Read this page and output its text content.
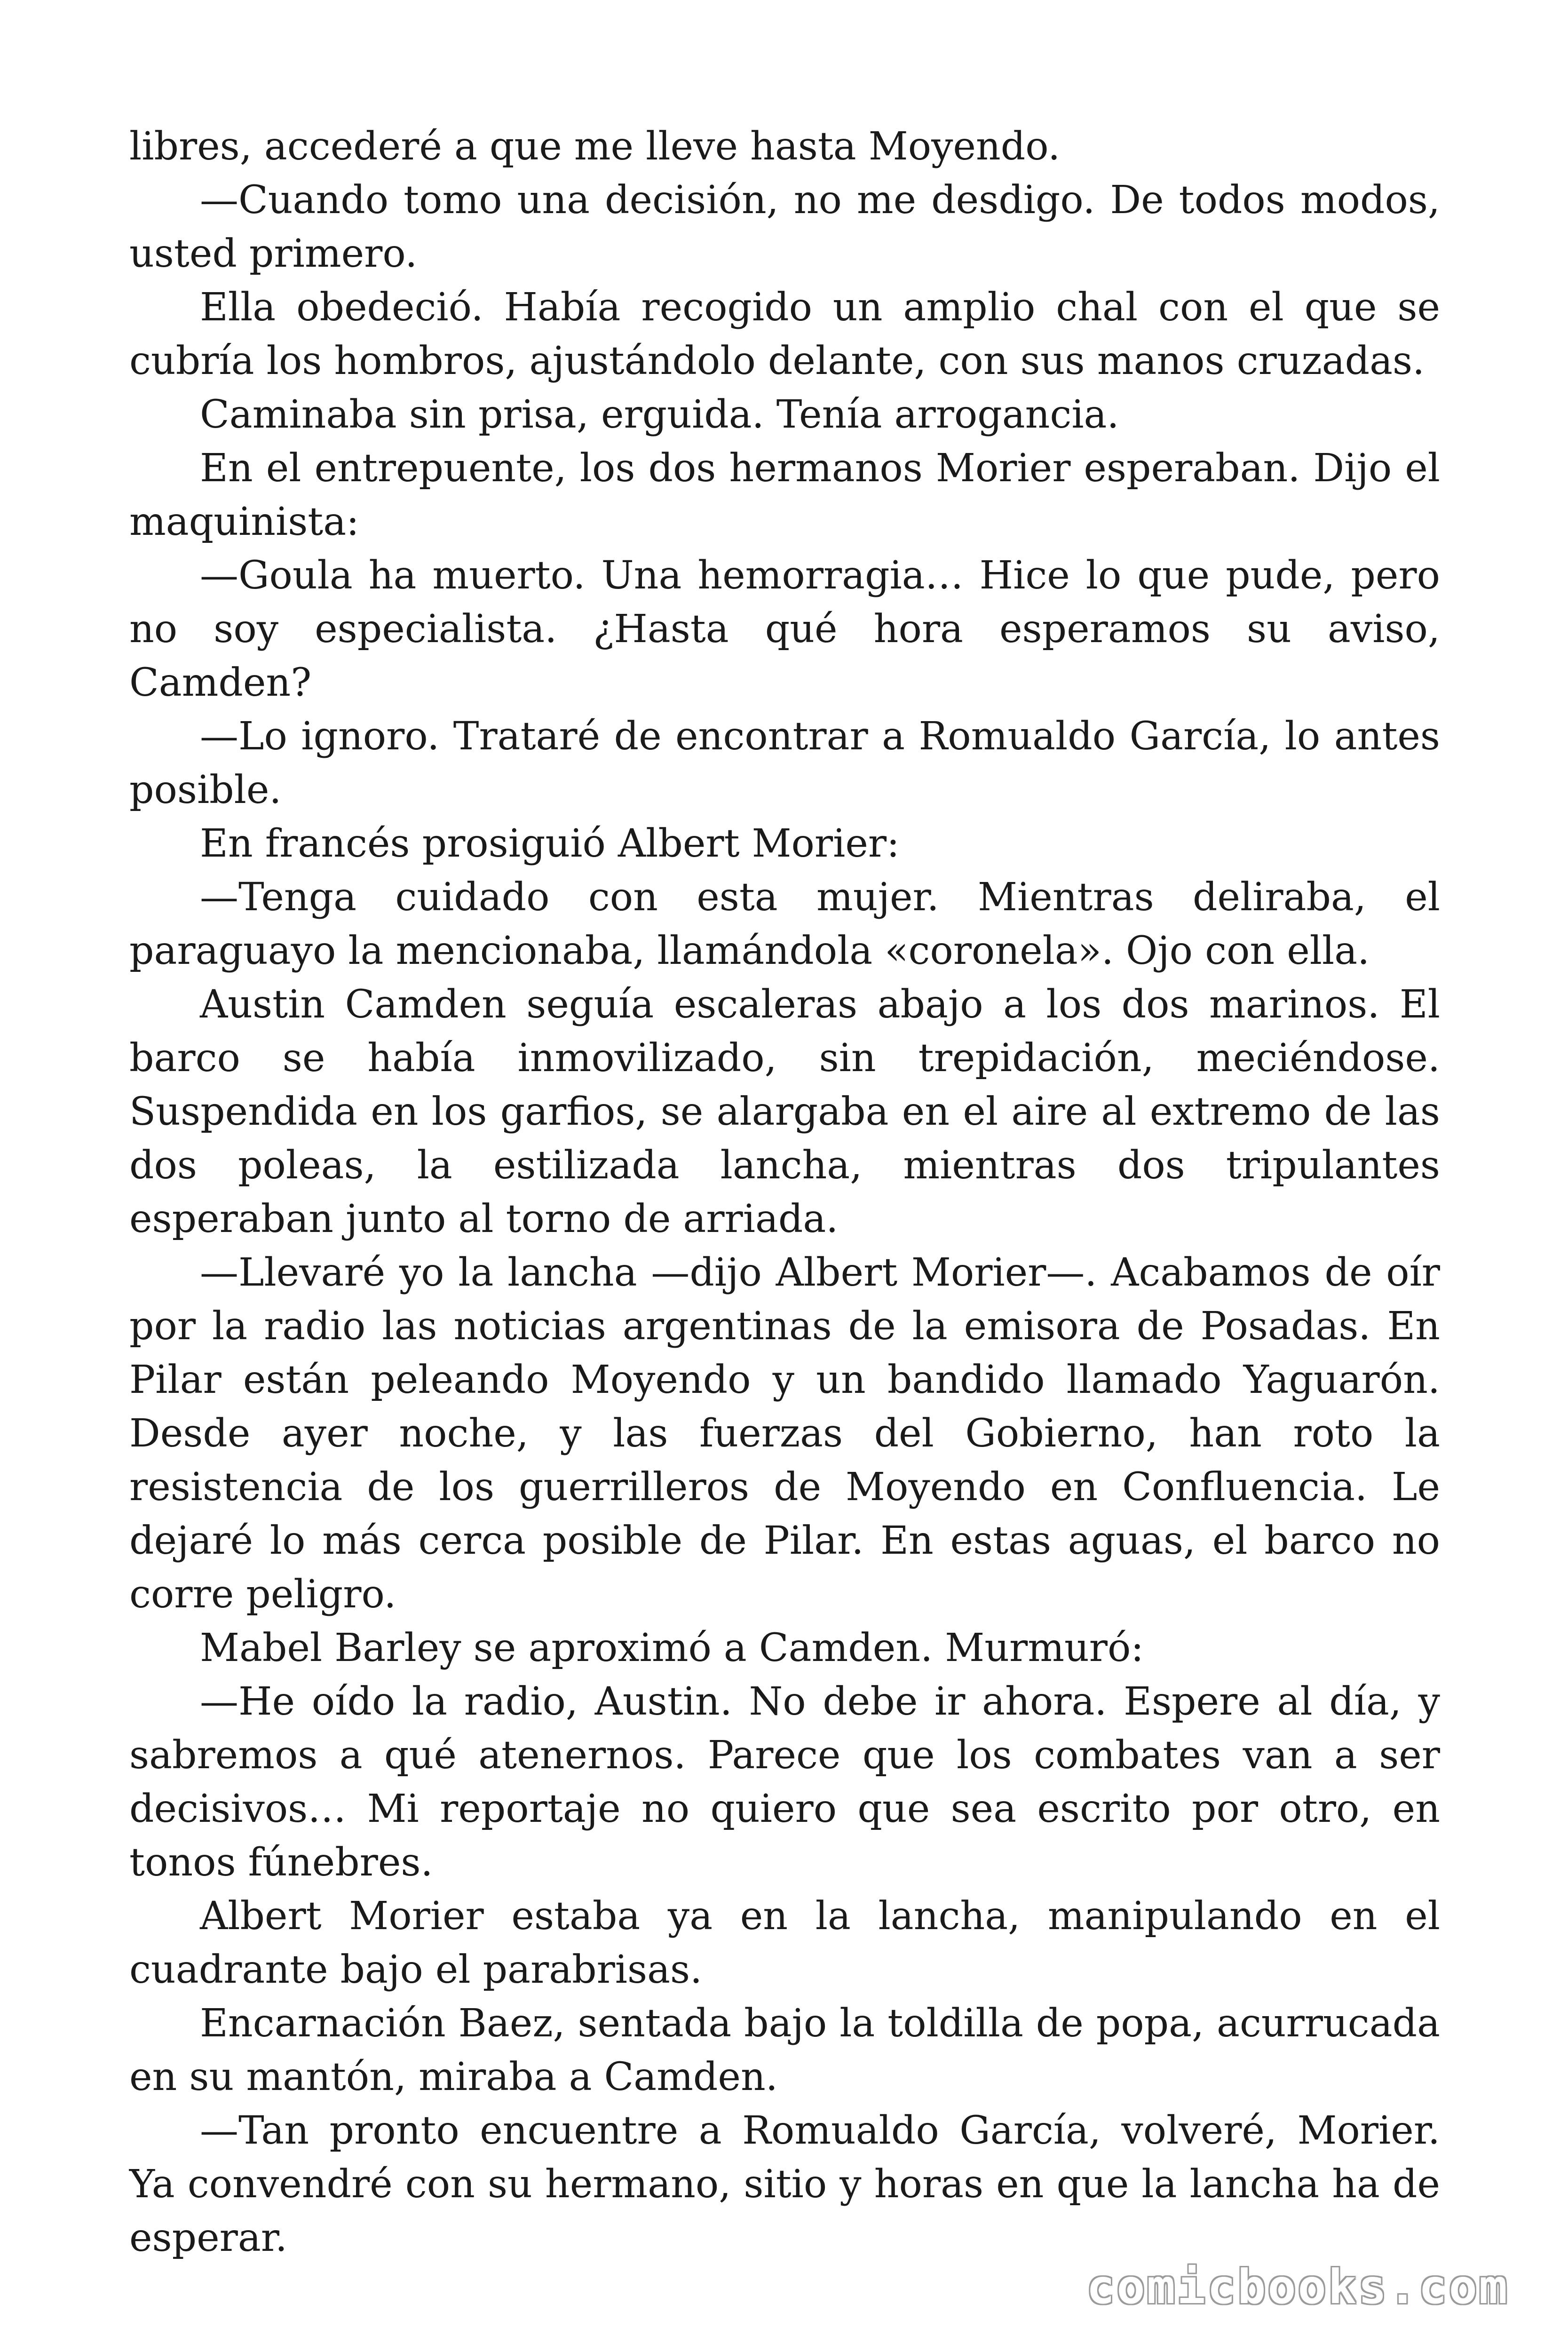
libres, accederé a que me lleve hasta Moyendo.

—Cuando tomo una decisión, no me desdigo. De todos modos, usted primero.

Ella obedeció. Había recogido un amplio chal con el que se cubría los hombros, ajustándolo delante, con sus manos cruzadas.

Caminaba sin prisa, erguida. Tenía arrogancia.

En el entrepuente, los dos hermanos Morier esperaban. Dijo el maquinista:

—Goula ha muerto. Una hemorragia… Hice lo que pude, pero no soy especialista. ¿Hasta qué hora esperamos su aviso, Camden?

—Lo ignoro. Trataré de encontrar a Romualdo García, lo antes posible.

En francés prosiguió Albert Morier:

—Tenga cuidado con esta mujer. Mientras deliraba, el paraguayo la mencionaba, llamándola «coronela». Ojo con ella.

Austin Camden seguía escaleras abajo a los dos marinos. El barco se había inmovilizado, sin trepidación, meciéndose. Suspendida en los garfios, se alargaba en el aire al extremo de las dos poleas, la estilizada lancha, mientras dos tripulantes esperaban junto al torno de arriada.

—Llevaré yo la lancha —dijo Albert Morier—. Acabamos de oír por la radio las noticias argentinas de la emisora de Posadas. En Pilar están peleando Moyendo y un bandido llamado Yaguarón. Desde ayer noche, y las fuerzas del Gobierno, han roto la resistencia de los guerrilleros de Moyendo en Confluencia. Le dejaré lo más cerca posible de Pilar. En estas aguas, el barco no corre peligro.

Mabel Barley se aproximó a Camden. Murmuró:

—He oído la radio, Austin. No debe ir ahora. Espere al día, y sabremos a qué atenernos. Parece que los combates van a ser decisivos… Mi reportaje no quiero que sea escrito por otro, en tonos fúnebres.

Albert Morier estaba ya en la lancha, manipulando en el cuadrante bajo el parabrisas.

Encarnación Baez, sentada bajo la toldilla de popa, acurrucada en su mantón, miraba a Camden.

—Tan pronto encuentre a Romualdo García, volveré, Morier. Ya convendré con su hermano, sitio y horas en que la lancha ha de esperar.

comicbooks.com
